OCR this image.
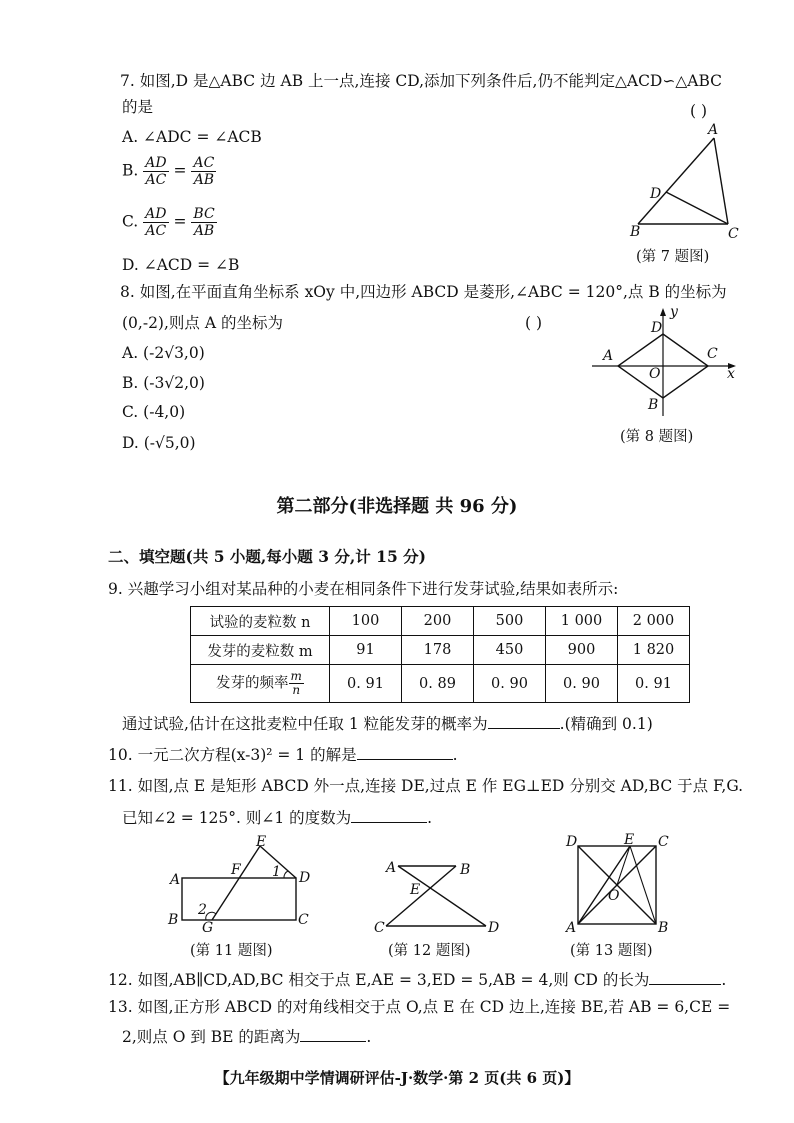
7. 如图,D 是△ABC 边 AB 上一点,连接 CD,添加下列条件后,仍不能判定△ACD∽△ABC
的是	( )
A. ∠ADC = ∠ACB
B. $\frac{AD}{AC} = \frac{AC}{AB}$
C. $\frac{AD}{AC} = \frac{BC}{AB}$
D. ∠ACD = ∠B
A
D
B	C
(第 7 题图)
8. 如图,在平面直角坐标系 xOy 中,四边形 ABCD 是菱形,∠ABC = 120°,点 B 的坐标为
(0,-2),则点 A 的坐标为	( )
A. (-2√3,0)
B. (-3√2,0)
C. (-4,0)
D. (-√5,0)
y
D
A	C
O	x
B
(第 8 题图)
第二部分(非选择题 共 96 分)
二、填空题(共 5 小题,每小题 3 分,计 15 分)
9. 兴趣学习小组对某品种的小麦在相同条件下进行发芽试验,结果如表所示:
试验的麦粒数 n	100	200	500	1 000	2 000
发芽的麦粒数 m	91	178	450	900	1 820
发芽的频率 $\frac{m}{n}$	0. 91	0. 89	0. 90	0. 90	0. 91
通过试验,估计在这批麦粒中任取 1 粒能发芽的概率为	.(精确到 0.1)
10. 一元二次方程(x-3)² = 1 的解是	.
11. 如图,点 E 是矩形 ABCD 外一点,连接 DE,过点 E 作 EG⊥ED 分别交 AD,BC 于点 F,G.
已知∠2 = 125°. 则∠1 的度数为	.
E
F 1
A	D
2
B	C
G
(第 11 题图)
A	B
E
C	D
(第 12 题图)
D	E C
O
A	B
(第 13 题图)
12. 如图,AB∥CD,AD,BC 相交于点 E,AE = 3,ED = 5,AB = 4,则 CD 的长为	.
13. 如图,正方形 ABCD 的对角线相交于点 O,点 E 在 CD 边上,连接 BE,若 AB = 6,CE =
2,则点 O 到 BE 的距离为	.
【九年级期中学情调研评估-J·数学·第 2 页(共 6 页)】
